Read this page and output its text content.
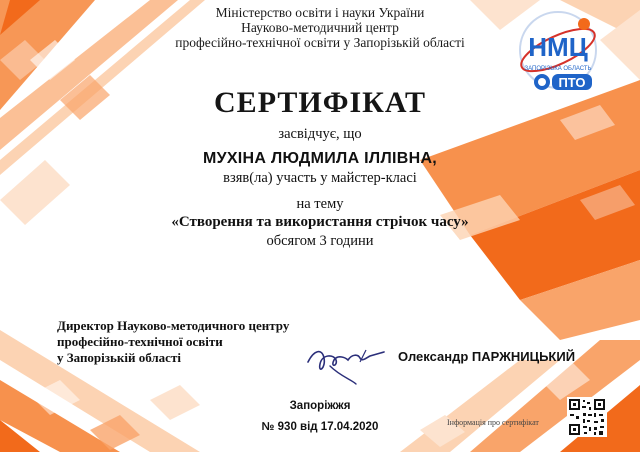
Міністерство освіти і науки України
Науково-методичний центр
професійно-технічної освіти у Запорізькій області	НМЦ
ЗАПОРІЗЬКА ОБЛАСТЬ
ПТО
СЕРТИФІКАТ
засвідчує, що
МУХІНА ЛЮДМИЛА ІЛЛІВНА,
взяв(ла) участь у майстер-класі
на тему
«Створення та використання стрічок часу»
обсягом 3 години
Директор Науково-методичного центру
професійно-технічної освіти
у Запорізькій області	Олександр ПАРЖНИЦЬКИЙ
Запоріжжя
№ 930 від 17.04.2020	Інформація про сертифікат
